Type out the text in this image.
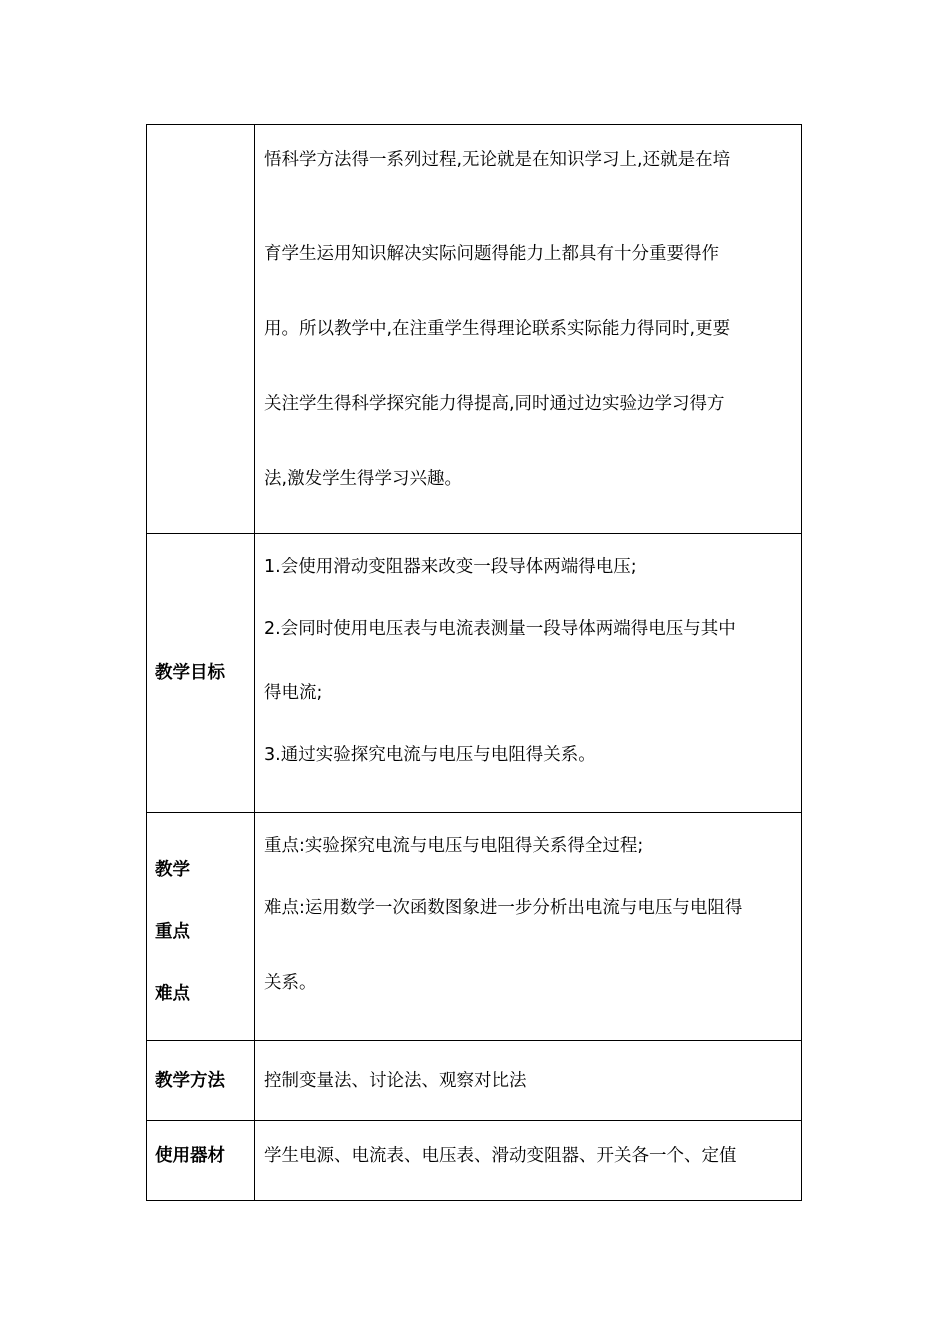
	悟科学方法得一系列过程,无论就是在知识学习上,还就是在培
育学生运用知识解决实际问题得能力上都具有十分重要得作
用。所以教学中,在注重学生得理论联系实际能力得同时,更要
关注学生得科学探究能力得提高,同时通过边实验边学习得方
法,激发学生得学习兴趣。

教学目标	1.会使用滑动变阻器来改变一段导体两端得电压;
2.会同时使用电压表与电流表测量一段导体两端得电压与其中
得电流;
3.通过实验探究电流与电压与电阻得关系。

教学
重点
难点	重点:实验探究电流与电压与电阻得关系得全过程;
难点:运用数学一次函数图象进一步分析出电流与电压与电阻得
关系。

教学方法	控制变量法、讨论法、观察对比法

使用器材	学生电源、电流表、电压表、滑动变阻器、开关各一个、定值
